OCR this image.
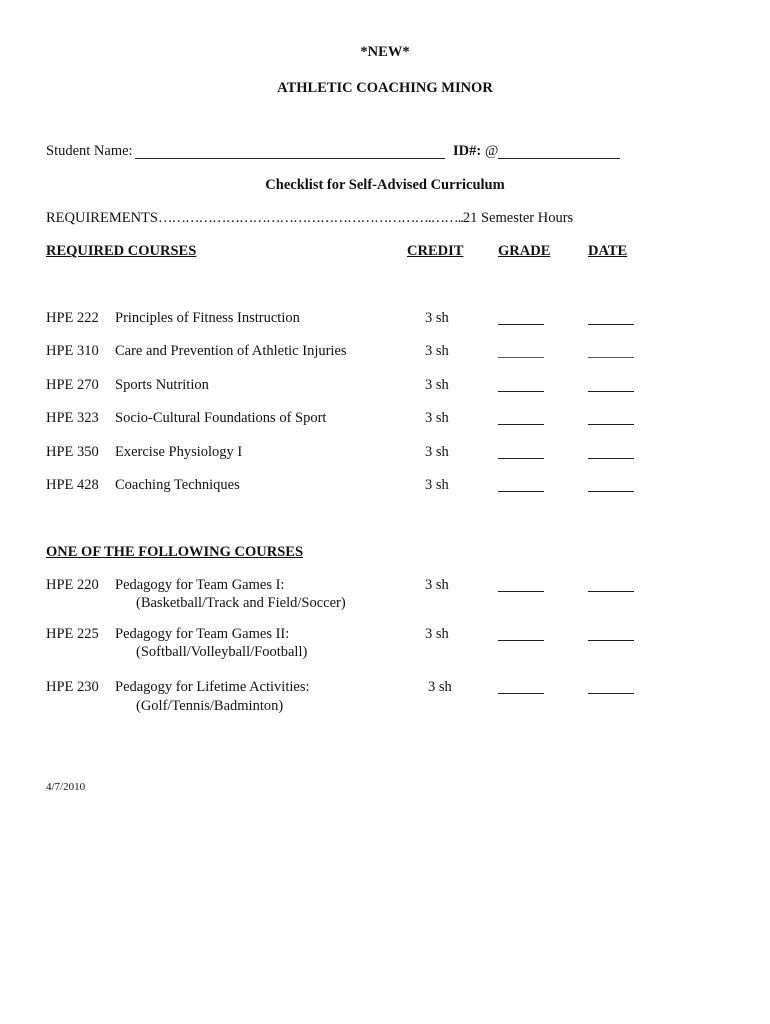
*NEW*
ATHLETIC COACHING MINOR
Student Name:	ID#: @
Checklist for Self-Advised Curriculum
REQUIREMENTS…………………………………………………….……..21 Semester Hours
REQUIRED COURSES	CREDIT GRADE	DATE
HPE 222 Principles of Fitness Instruction	3 sh
HPE 310 Care and Prevention of Athletic Injuries	3 sh
HPE 270 Sports Nutrition	3 sh
HPE 323 Socio-Cultural Foundations of Sport	3 sh
HPE 350 Exercise Physiology I	3 sh
HPE 428 Coaching Techniques	3 sh
ONE OF THE FOLLOWING COURSES
HPE 220 Pedagogy for Team Games I:
(Basketball/Track and Field/Soccer)
3 sh
HPE 225 Pedagogy for Team Games II:
(Softball/Volleyball/Football)
3 sh
HPE 230 Pedagogy for Lifetime Activities:
(Golf/Tennis/Badminton)
3 sh
4/7/2010
